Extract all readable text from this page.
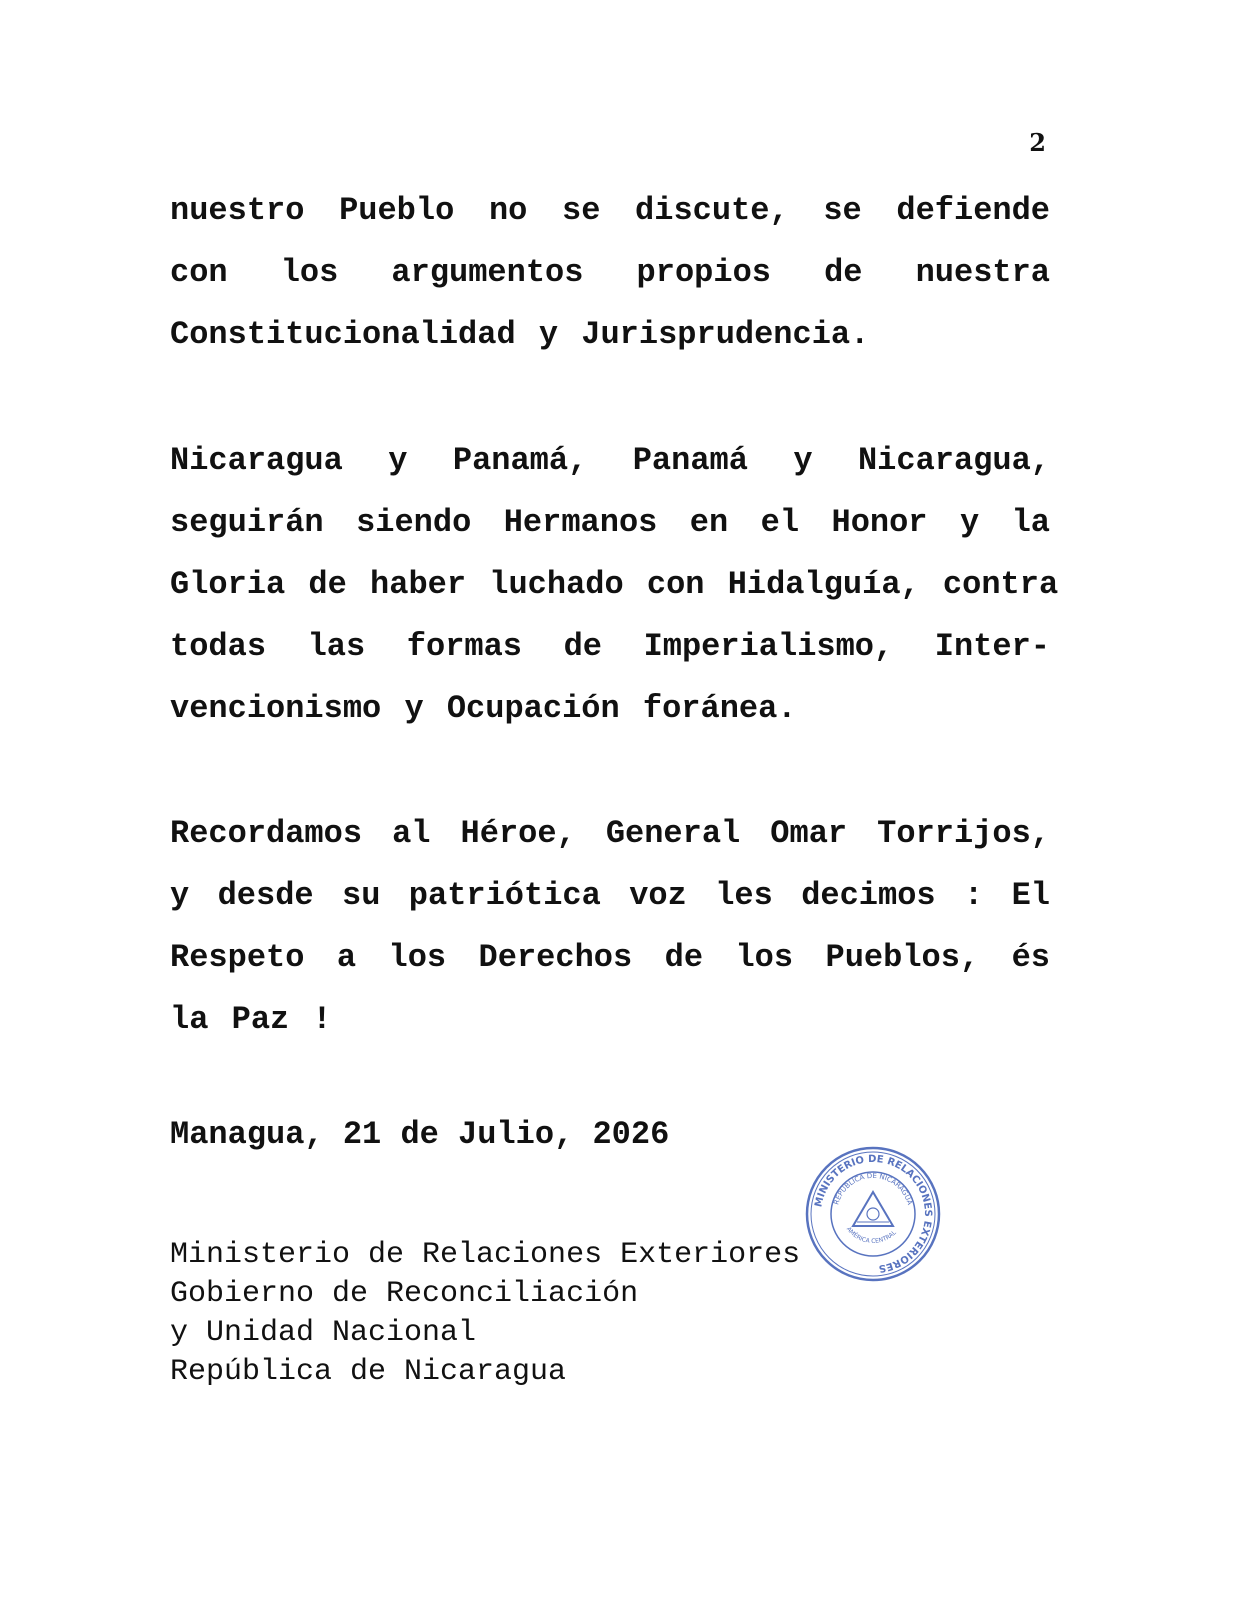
2
nuestro Pueblo no se discute, se defiende
con los argumentos propios de nuestra
Constitucionalidad y Jurisprudencia.
Nicaragua y Panamá, Panamá y Nicaragua,
seguirán siendo Hermanos en el Honor y la
Gloria de haber luchado con Hidalguía, contra
todas las formas de Imperialismo, Inter-
vencionismo y Ocupación foránea.
Recordamos al Héroe, General Omar Torrijos,
y desde su patriótica voz les decimos : El
Respeto a los Derechos de los Pueblos, és
la Paz !
Managua, 21 de Julio, 2026
Ministerio de Relaciones Exteriores
Gobierno de Reconciliación
y Unidad Nacional
República de Nicaragua
MINISTERIO DE RELACIONES EXTERIORES
REPÚBLICA DE NICARAGUA
AMÉRICA CENTRAL
